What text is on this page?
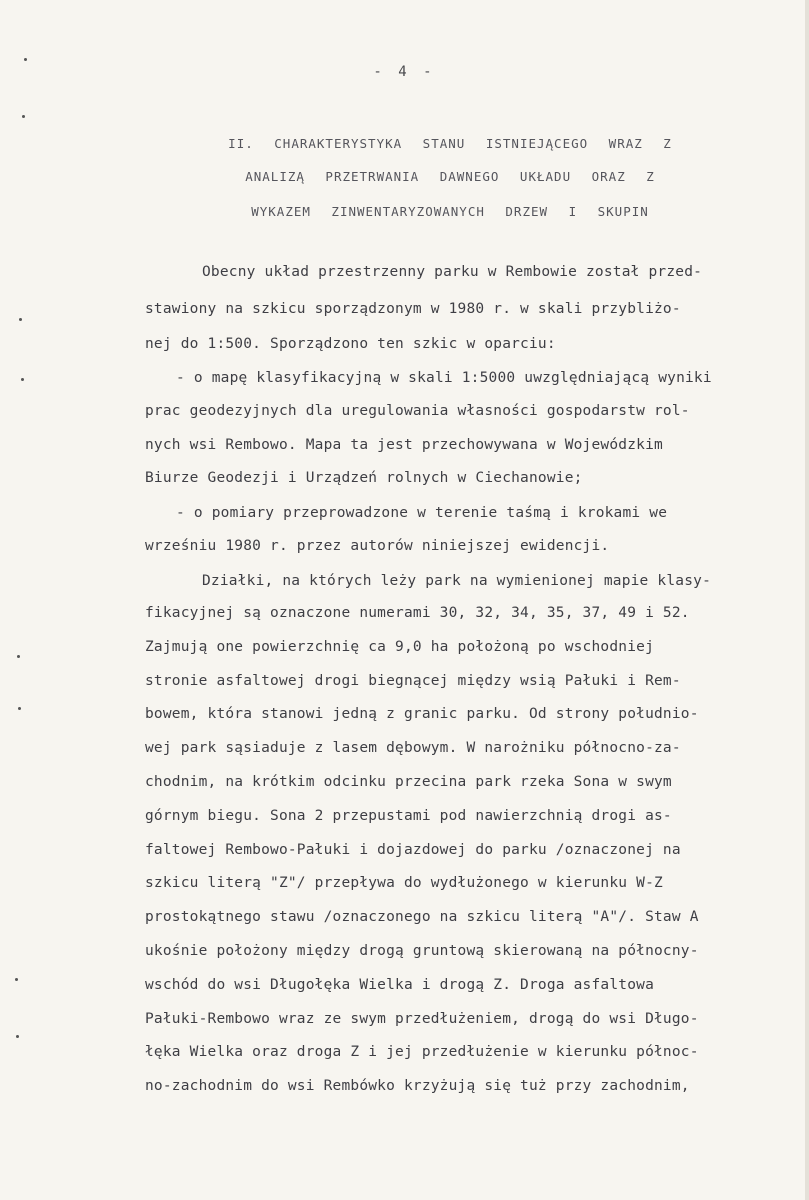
- 4 -
II. CHARAKTERYSTYKA STANU ISTNIEJĄCEGO WRAZ Z
ANALIZĄ PRZETRWANIA DAWNEGO UKŁADU ORAZ Z
WYKAZEM ZINWENTARYZOWANYCH DRZEW I SKUPIN
Obecny układ przestrzenny parku w Rembowie został przed-
stawiony na szkicu sporządzonym w 1980 r. w skali przybliżo-
nej do 1:500. Sporządzono ten szkic w oparciu:
- o mapę klasyfikacyjną w skali 1:5000 uwzględniającą wyniki
prac geodezyjnych dla uregulowania własności gospodarstw rol-
nych wsi Rembowo. Mapa ta jest przechowywana w Wojewódzkim
Biurze Geodezji i Urządzeń rolnych w Ciechanowie;
- o pomiary przeprowadzone w terenie taśmą i krokami we
wrześniu 1980 r. przez autorów niniejszej ewidencji.
Działki, na których leży park na wymienionej mapie klasy-
fikacyjnej są oznaczone numerami 30, 32, 34, 35, 37, 49 i 52.
Zajmują one powierzchnię ca 9,0 ha położoną po wschodniej
stronie asfaltowej drogi biegnącej między wsią Pałuki i Rem-
bowem, która stanowi jedną z granic parku. Od strony południo-
wej park sąsiaduje z lasem dębowym. W narożniku północno-za-
chodnim, na krótkim odcinku przecina park rzeka Sona w swym
górnym biegu. Sona 2 przepustami pod nawierzchnią drogi as-
faltowej Rembowo-Pałuki i dojazdowej do parku /oznaczonej na
szkicu literą "Z"/ przepływa do wydłużonego w kierunku W-Z
prostokątnego stawu /oznaczonego na szkicu literą "A"/. Staw A
ukośnie położony między drogą gruntową skierowaną na północny-
wschód do wsi Długołęka Wielka i drogą Z. Droga asfaltowa
Pałuki-Rembowo wraz ze swym przedłużeniem, drogą do wsi Długo-
łęka Wielka oraz droga Z i jej przedłużenie w kierunku północ-
no-zachodnim do wsi Rembówko krzyżują się tuż przy zachodnim,
